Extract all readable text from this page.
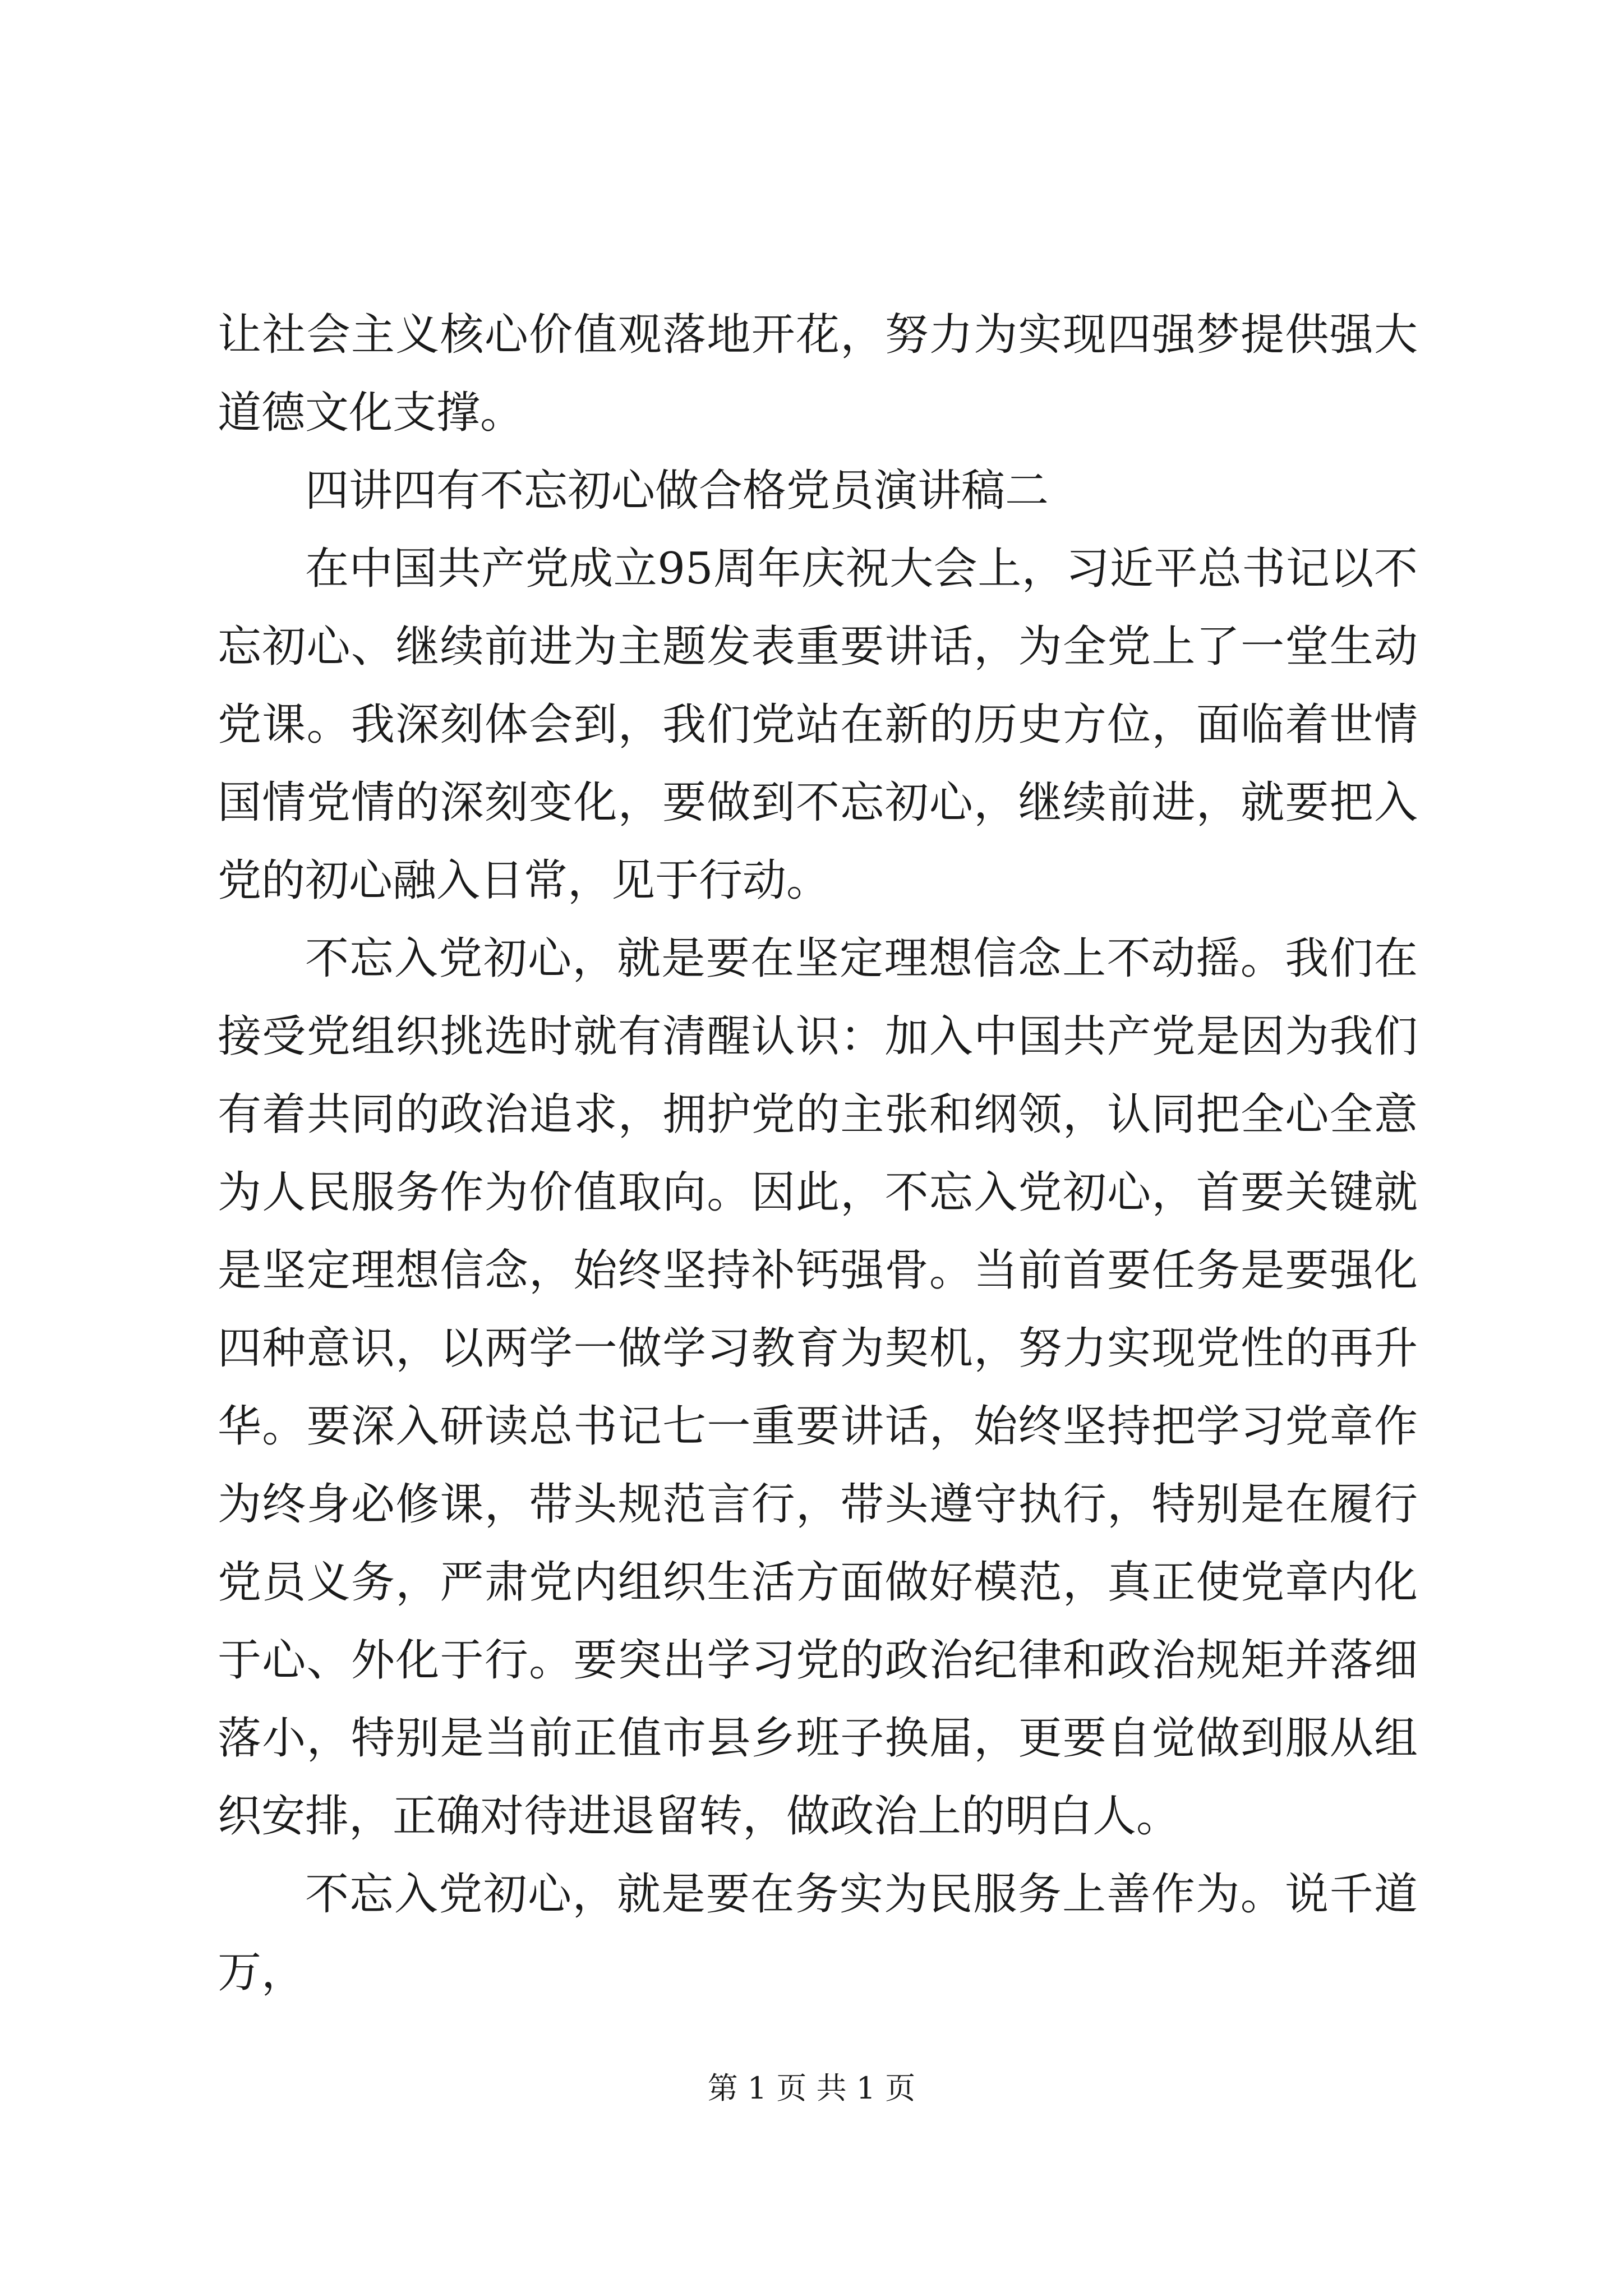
让社会主义核心价值观落地开花，努力为实现四强梦提供强大道德文化支撑。

四讲四有不忘初心做合格党员演讲稿二

在中国共产党成立95周年庆祝大会上，习近平总书记以不忘初心、继续前进为主题发表重要讲话，为全党上了一堂生动党课。我深刻体会到，我们党站在新的历史方位，面临着世情国情党情的深刻变化，要做到不忘初心，继续前进，就要把入党的初心融入日常，见于行动。

不忘入党初心，就是要在坚定理想信念上不动摇。我们在接受党组织挑选时就有清醒认识：加入中国共产党是因为我们有着共同的政治追求，拥护党的主张和纲领，认同把全心全意为人民服务作为价值取向。因此，不忘入党初心，首要关键就是坚定理想信念，始终坚持补钙强骨。当前首要任务是要强化四种意识，以两学一做学习教育为契机，努力实现党性的再升华。要深入研读总书记七一重要讲话，始终坚持把学习党章作为终身必修课，带头规范言行，带头遵守执行，特别是在履行党员义务，严肃党内组织生活方面做好模范，真正使党章内化于心、外化于行。要突出学习党的政治纪律和政治规矩并落细落小，特别是当前正值市县乡班子换届，更要自觉做到服从组织安排，正确对待进退留转，做政治上的明白人。

不忘入党初心，就是要在务实为民服务上善作为。说千道万，

第 1 页 共 1 页
